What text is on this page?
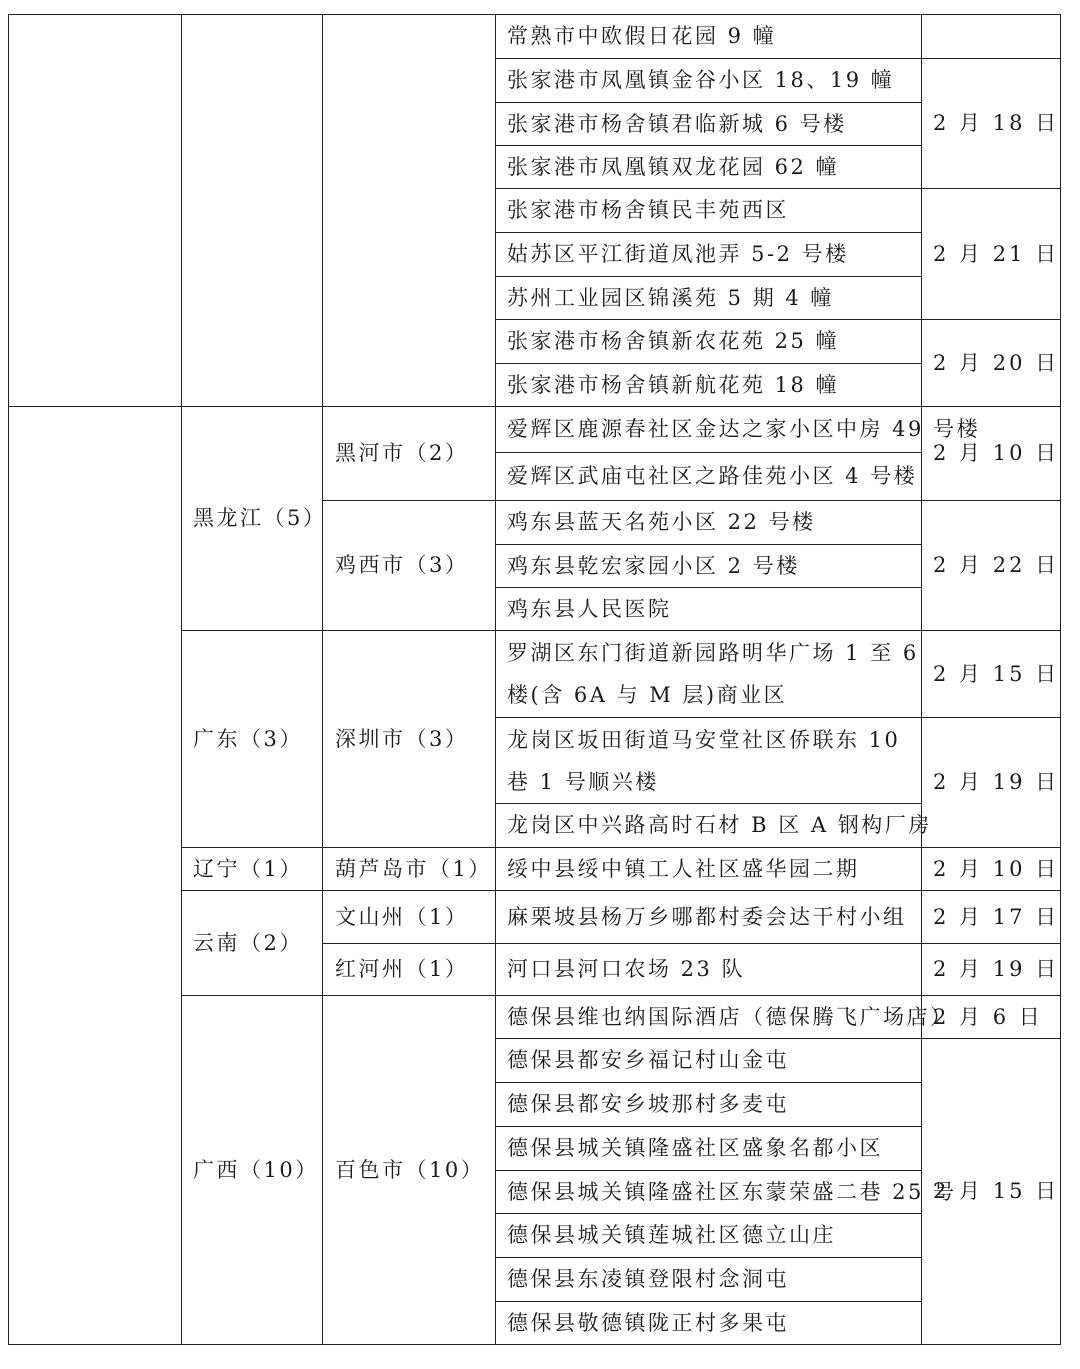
			常熟市中欧假日花园 9 幢	
			张家港市凤凰镇金谷小区 18、19 幢	2 月 18 日
			张家港市杨舍镇君临新城 6 号楼	
			张家港市凤凰镇双龙花园 62 幢	
			张家港市杨舍镇民丰苑西区	2 月 21 日
			姑苏区平江街道凤池弄 5-2 号楼	
			苏州工业园区锦溪苑 5 期 4 幢	
			张家港市杨舍镇新农花苑 25 幢	2 月 20 日
			张家港市杨舍镇新航花苑 18 幢	
	黑龙江（5）	黑河市（2）	爱辉区鹿源春社区金达之家小区中房 49 号楼	2 月 10 日
			爱辉区武庙屯社区之路佳苑小区 4 号楼	
		鸡西市（3）	鸡东县蓝天名苑小区 22 号楼	2 月 22 日
			鸡东县乾宏家园小区 2 号楼	
			鸡东县人民医院	
	广东（3）	深圳市（3）	罗湖区东门街道新园路明华广场 1 至 6 楼(含 6A 与 M 层)商业区	2 月 15 日
			龙岗区坂田街道马安堂社区侨联东 10 巷 1 号顺兴楼	2 月 19 日
			龙岗区中兴路高时石材 B 区 A 钢构厂房	
	辽宁（1）	葫芦岛市（1）	绥中县绥中镇工人社区盛华园二期	2 月 10 日
	云南（2）	文山州（1）	麻栗坡县杨万乡哪都村委会达干村小组	2 月 17 日
		红河州（1）	河口县河口农场 23 队	2 月 19 日
	广西（10）	百色市（10）	德保县维也纳国际酒店（德保腾飞广场店）	2 月 6 日
			德保县都安乡福记村山金屯	2 月 15 日
			德保县都安乡坡那村多麦屯	
			德保县城关镇隆盛社区盛象名都小区	
			德保县城关镇隆盛社区东蒙荣盛二巷 25 号	
			德保县城关镇莲城社区德立山庄	
			德保县东凌镇登限村念洞屯	
			德保县敬德镇陇正村多果屯	
